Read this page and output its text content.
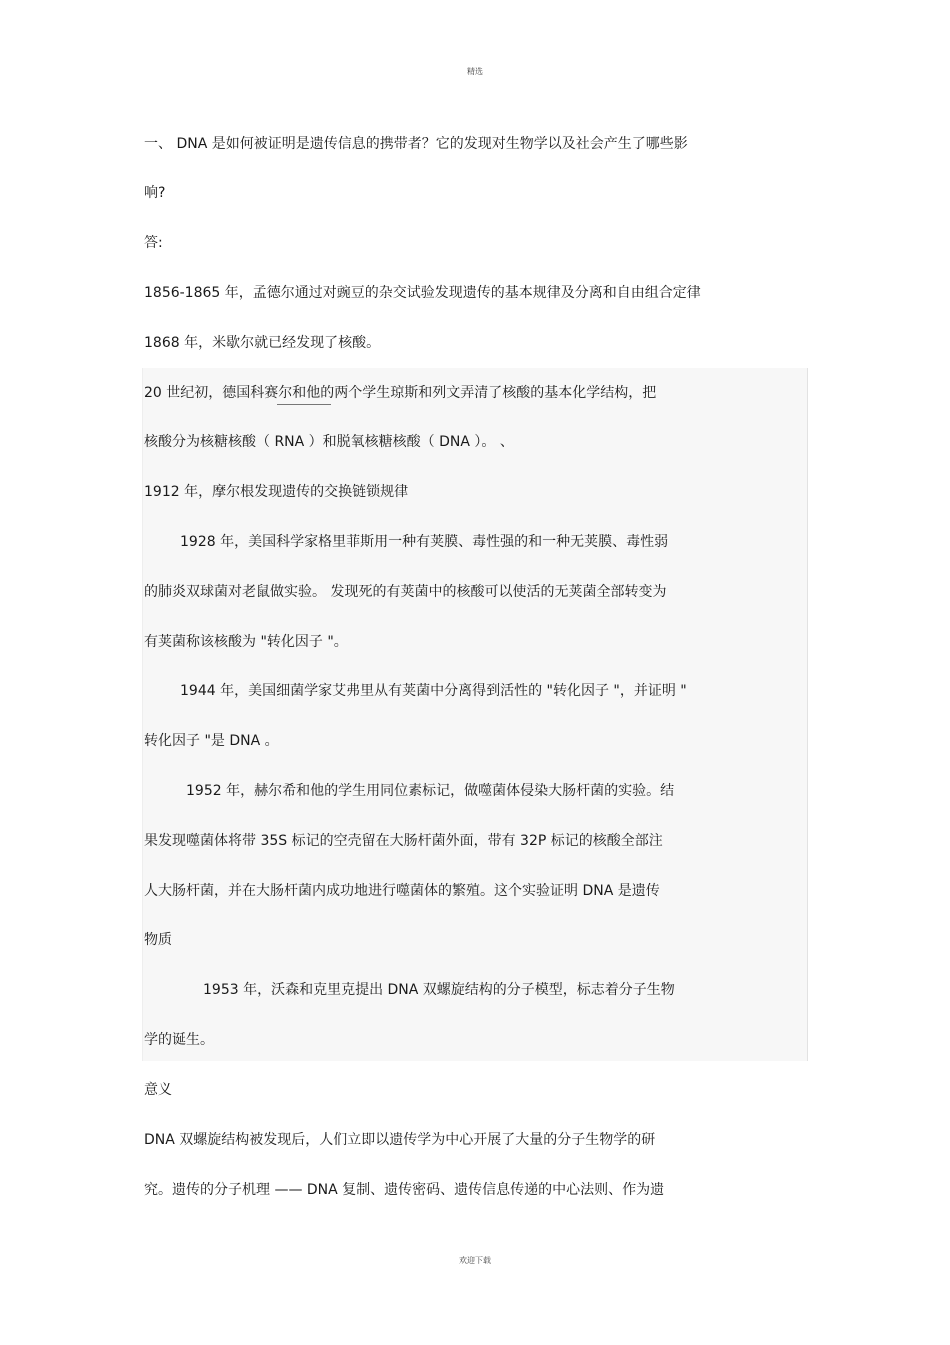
精选
一、 DNA 是如何被证明是遗传信息的携带者？它的发现对生物学以及社会产生了哪些影
响?
答:
1856-1865 年，孟德尔通过对豌豆的杂交试验发现遗传的基本规律及分离和自由组合定律
1868 年，米歇尔就已经发现了核酸。
20 世纪初，德国科赛尔和他的两个学生琼斯和列文弄清了核酸的基本化学结构，把
核酸分为核糖核酸（ RNA ）和脱氧核糖核酸（ DNA ）。 、
1912 年，摩尔根发现遗传的交换链锁规律
1928 年，美国科学家格里菲斯用一种有荚膜、毒性强的和一种无荚膜、毒性弱
的肺炎双球菌对老鼠做实验。 发现死的有荚菌中的核酸可以使活的无荚菌全部转变为
有荚菌称该核酸为 "转化因子 "。
1944 年，美国细菌学家艾弗里从有荚菌中分离得到活性的 "转化因子 "，并证明 "
转化因子 "是 DNA 。
1952 年，赫尔希和他的学生用同位素标记，做噬菌体侵染大肠杆菌的实验。结
果发现噬菌体将带 35S 标记的空壳留在大肠杆菌外面，带有 32P 标记的核酸全部注
人大肠杆菌，并在大肠杆菌内成功地进行噬菌体的繁殖。这个实验证明 DNA 是遗传
物质
1953 年，沃森和克里克提出 DNA 双螺旋结构的分子模型，标志着分子生物
学的诞生。
意义
DNA 双螺旋结构被发现后，人们立即以遗传学为中心开展了大量的分子生物学的研
究。遗传的分子机理 —— DNA 复制、遗传密码、遗传信息传递的中心法则、作为遗
欢迎下载
